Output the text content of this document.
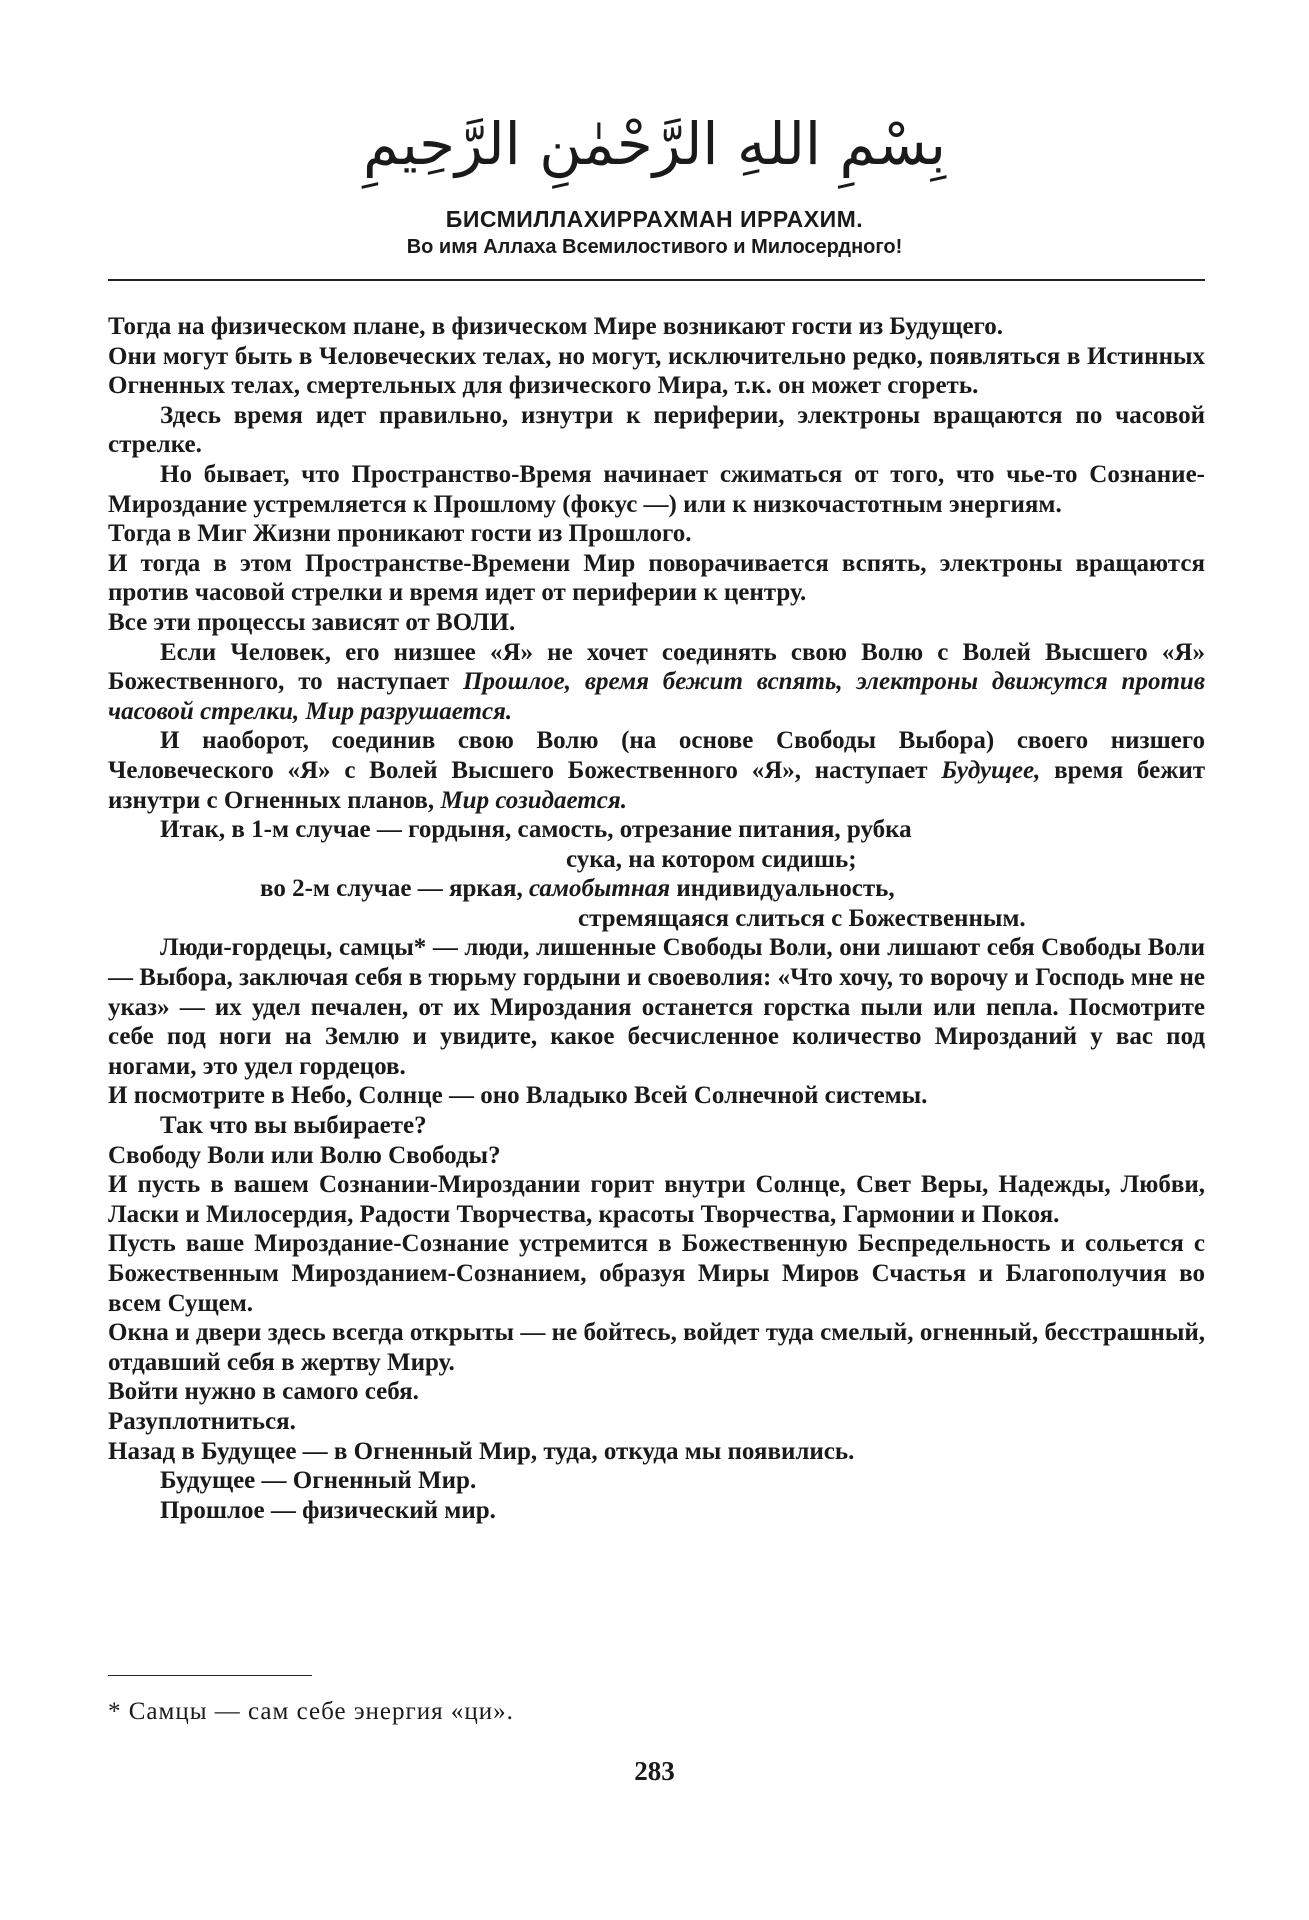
بِسْمِ اللهِ الرَّحْمٰنِ الرَّحِيمِ
БИСМИЛЛАХИРРАХМАН ИРРАХИМ.
Во имя Аллаха Всемилостивого и Милосердного!
Тогда на физическом плане, в физическом Мире возникают гости из Будущего.
Они могут быть в Человеческих телах, но могут, исключительно редко, появляться в Истинных Огненных телах, смертельных для физического Мира, т.к. он может сгореть.
Здесь время идет правильно, изнутри к периферии, электроны вращаются по часовой стрелке.
Но бывает, что Пространство-Время начинает сжиматься от того, что чье-то Сознание-Мироздание устремляется к Прошлому (фокус —) или к низкочастотным энергиям.
Тогда в Миг Жизни проникают гости из Прошлого.
И тогда в этом Пространстве-Времени Мир поворачивается вспять, электроны вращаются против часовой стрелки и время идет от периферии к центру.
Все эти процессы зависят от ВОЛИ.
Если Человек, его низшее «Я» не хочет соединять свою Волю с Волей Высшего «Я» Божественного, то наступает Прошлое, время бежит вспять, электроны движутся против часовой стрелки, Мир разрушается.
И наоборот, соединив свою Волю (на основе Свободы Выбора) своего низшего Человеческого «Я» с Волей Высшего Божественного «Я», наступает Будущее, время бежит изнутри с Огненных планов, Мир созидается.
Итак, в 1-м случае — гордыня, самость, отрезание питания, рубка
сука, на котором сидишь;
во 2-м случае — яркая, самобытная индивидуальность,
стремящаяся слиться с Божественным.
Люди-гордецы, самцы* — люди, лишенные Свободы Воли, они лишают себя Свободы Воли — Выбора, заключая себя в тюрьму гордыни и своеволия: «Что хочу, то ворочу и Господь мне не указ» — их удел печален, от их Мироздания останется горстка пыли или пепла. Посмотрите себе под ноги на Землю и увидите, какое бесчисленное количество Мирозданий у вас под ногами, это удел гордецов.
И посмотрите в Небо, Солнце — оно Владыко Всей Солнечной системы.
Так что вы выбираете?
Свободу Воли или Волю Свободы?
И пусть в вашем Сознании-Мироздании горит внутри Солнце, Свет Веры, Надежды, Любви, Ласки и Милосердия, Радости Творчества, красоты Творчества, Гармонии и Покоя.
Пусть ваше Мироздание-Сознание устремится в Божественную Беспредельность и сольется с Божественным Мирозданием-Сознанием, образуя Миры Миров Счастья и Благополучия во всем Сущем.
Окна и двери здесь всегда открыты — не бойтесь, войдет туда смелый, огненный, бесстрашный, отдавший себя в жертву Миру.
Войти нужно в самого себя.
Разуплотниться.
Назад в Будущее — в Огненный Мир, туда, откуда мы появились.
Будущее — Огненный Мир.
Прошлое — физический мир.
* Самцы — сам себе энергия «ци».
283
